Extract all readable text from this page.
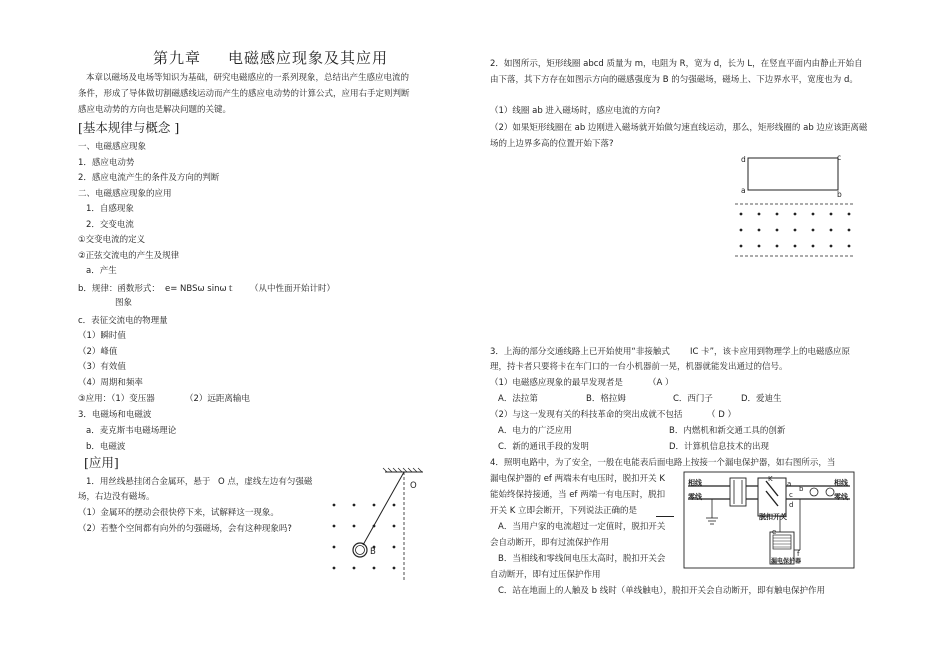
第九章 电磁感应现象及其应用
本章以磁场及电场等知识为基础，研究电磁感应的一系列现象，总结出产生感应电流的条件，形成了导体做切割磁感线运动而产生的感应电动势的计算公式，应用右手定则判断感应电动势的方向也是解决问题的关键。
[基本规律与概念 ]
一、电磁感应现象
1．感应电动势
2．感应电流产生的条件及方向的判断
二、电磁感应现象的应用
1．自感现象
2．交变电流
①交变电流的定义
②正弦交流电的产生及规律
a．产生
b．规律：函数形式： e= NBSω sinωｔ （从中性面开始计时）
图象
c．表征交流电的物理量
（1）瞬时值
（2）峰值
（3）有效值
（4）周期和频率
③应用：（1）变压器	（2）远距离输电
3．电磁场和电磁波
a．麦克斯韦电磁场理论
b．电磁波
[应用]
1．用丝线悬挂闭合金属环，悬于 O 点，虚线左边有匀强磁
场，右边没有磁场。
（1）金属环的摆动会很快停下来，试解释这一现象。
（2）若整个空间都有向外的匀强磁场，会有这种现象吗?
O
B
2．如图所示，矩形线圈 abcd 质量为 m，电阻为 R，宽为 d，长为 L，在竖直平面内由静止开始自由下落，其下方存在如图示方向的磁感强度为 B 的匀强磁场，磁场上、下边界水平，宽度也为 d。
（1）线圈 ab 进入磁场时，感应电流的方向?
（2）如果矩形线圈在 ab 边刚进入磁场就开始做匀速直线运动，那么，矩形线圈的 ab 边应该距离磁场的上边界多高的位置开始下落?
d	c
a	b
3．上海的部分交通线路上已开始使用“非接触式 IC 卡”，该卡应用到物理学上的电磁感应原
理，持卡者只要将卡在车门口的一台小机器前一晃，机器就能发出通过的信号。
（1）电磁感应现象的最早发现者是	（A ）
A．法拉第	B．格拉姆	C．西门子	D．爱迪生
（2）与这一发现有关的科技革命的突出成就不包括	（ D ）
A．电力的广泛应用	B．内燃机和新交通工具的创新
C．新的通讯手段的发明	D．计算机信息技术的出现
4．照明电路中，为了安全，一般在电能表后面电路上按接一个漏电保护器，如右图所示，当
漏电保护器的 ef 两端未有电压时，脱扣开关 K
能始终保持接通，当 ef 两端一有电压时，脱扣
开关 K 立即会断开，下列说法正确的是
A．当用户家的电流超过一定值时，脱扣开关
会自动断开，即有过流保护作用
B．当相线和零线间电压太高时，脱扣开关会
自动断开，即有过压保护作用
C．站在地面上的人触及 b 线时（单线触电），脱扣开关会自动断开，即有触电保护作用
相线
零线
相线
零线
脱扣开关
K
a
c
b
d
e
f
漏电保护器
